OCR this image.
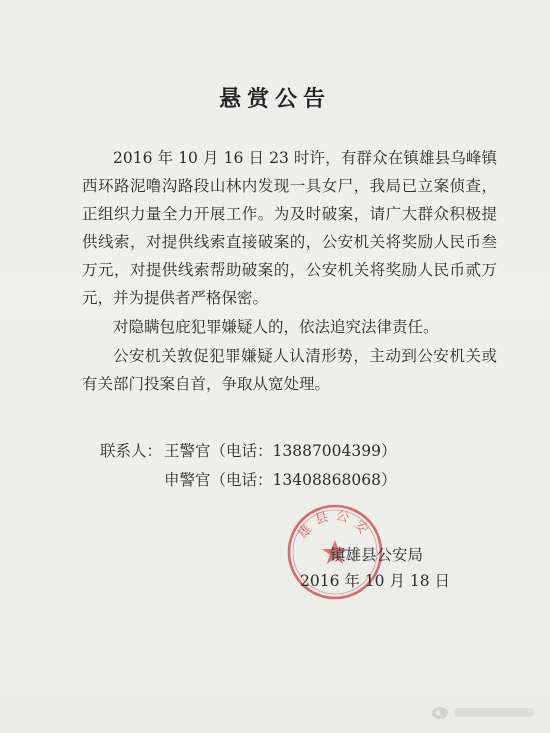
悬赏公告

2016 年 10 月 16 日 23 时许，有群众在镇雄县乌峰镇西环路泥噜沟路段山林内发现一具女尸，我局已立案侦查，正组织力量全力开展工作。为及时破案，请广大群众积极提供线索，对提供线索直接破案的，公安机关将奖励人民币叁万元，对提供线索帮助破案的，公安机关将奖励人民币贰万元，并为提供者严格保密。

对隐瞒包庇犯罪嫌疑人的，依法追究法律责任。

公安机关敦促犯罪嫌疑人认清形势，主动到公安机关或有关部门投案自首，争取从宽处理。

联系人： 王警官（电话：13887004399）
申警官（电话：13408868068）
雄县公安
镇雄县公安局
2016 年 10 月 18 日
